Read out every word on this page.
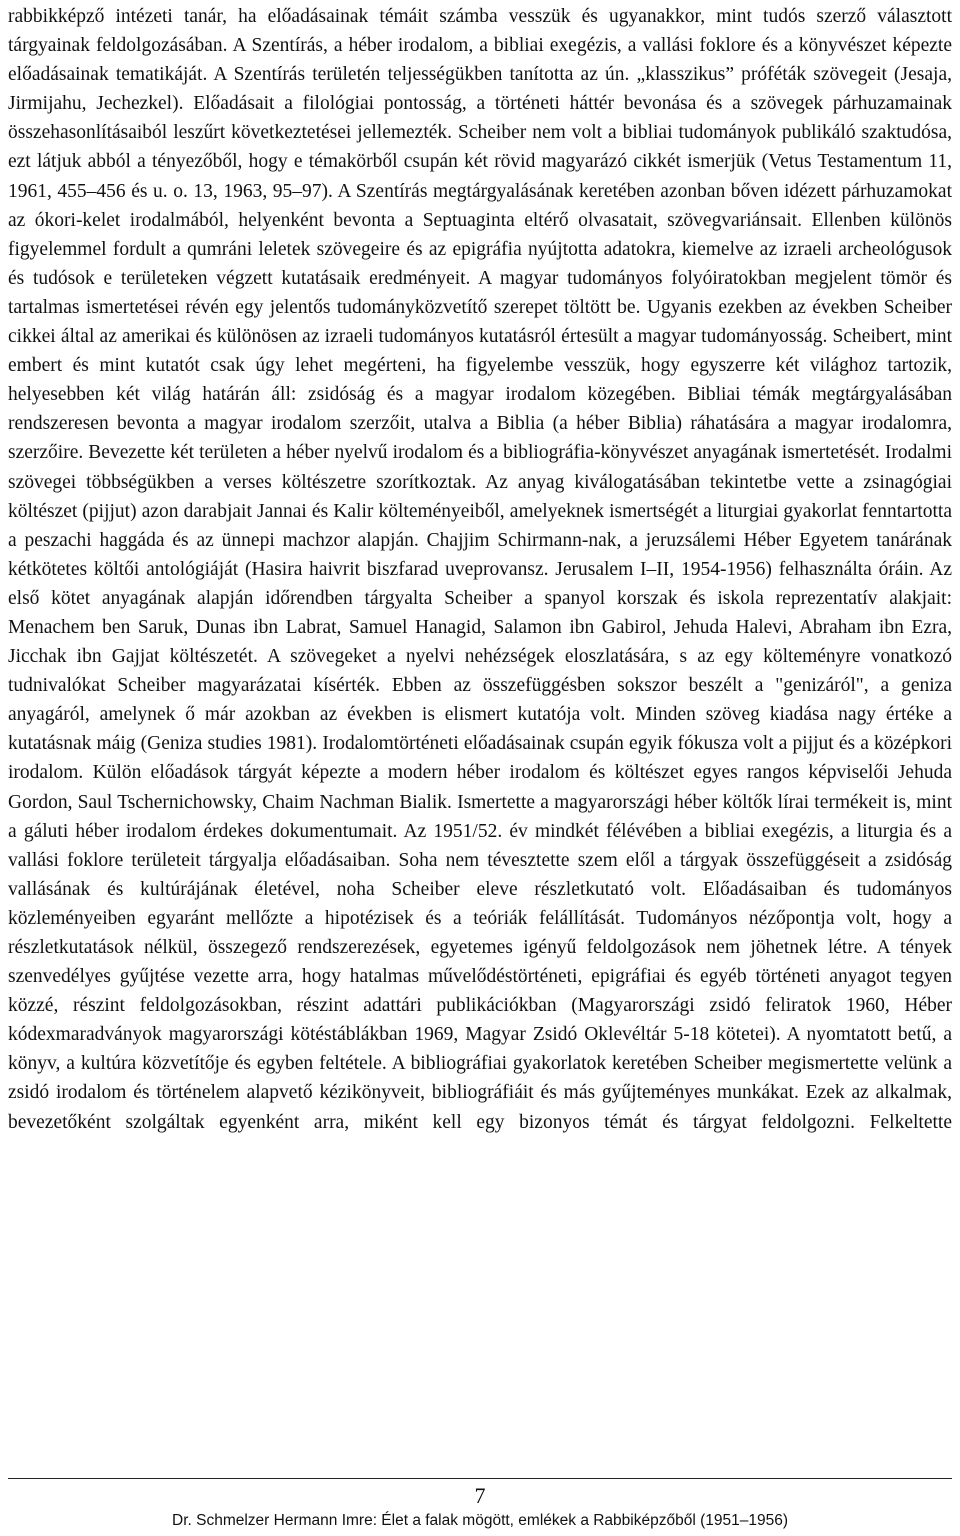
rabbikképző intézeti tanár, ha előadásainak témáit számba vesszük és ugyanakkor, mint tudós szerző választott tárgyainak feldolgozásában. A Szentírás, a héber irodalom, a bibliai exegézis, a vallási foklore és a könyvészet képezte előadásainak tematikáját. A Szentírás területén teljességükben tanította az ún. „klasszikus” próféták szövegeit (Jesaja, Jirmijahu, Jechezkel). Előadásait a filológiai pontosság, a történeti háttér bevonása és a szövegek párhuzamainak összehasonlításaiból leszűrt következtetései jellemezték. Scheiber nem volt a bibliai tudományok publikáló szaktudósa, ezt látjuk abból a tényezőből, hogy e témakörből csupán két rövid magyarázó cikkét ismerjük (Vetus Testamentum 11, 1961, 455–456 és u. o. 13, 1963, 95–97). A Szentírás megtárgyalásának keretében azonban bőven idézett párhuzamokat az ókori-kelet irodalmából, helyenként bevonta a Septuaginta eltérő olvasatait, szövegvariánsait. Ellenben különös figyelemmel fordult a qumráni leletek szövegeire és az epigráfia nyújtotta adatokra, kiemelve az izraeli archeológusok és tudósok e területeken végzett kutatásaik eredményeit. A magyar tudományos folyóiratokban megjelent tömör és tartalmas ismertetései révén egy jelentős tudományközvetítő szerepet töltött be. Ugyanis ezekben az években Scheiber cikkei által az amerikai és különösen az izraeli tudományos kutatásról értesült a magyar tudományosság. Scheibert, mint embert és mint kutatót csak úgy lehet megérteni, ha figyelembe vesszük, hogy egyszerre két világhoz tartozik, helyesebben két világ határán áll: zsidóság és a magyar irodalom közegében. Bibliai témák megtárgyalásában rendszeresen bevonta a magyar irodalom szerzőit, utalva a Biblia (a héber Biblia) ráhatására a magyar irodalomra, szerzőire. Bevezette két területen a héber nyelvű irodalom és a bibliográfia-könyvészet anyagának ismertetését. Irodalmi szövegei többségükben a verses költészetre szorítkoztak. Az anyag kiválogatásában tekintetbe vette a zsinagógiai költészet (pijjut) azon darabjait Jannai és Kalir költeményeiből, amelyeknek ismertségét a liturgiai gyakorlat fenntartotta a peszachi haggáda és az ünnepi machzor alapján. Chajjim Schirmann-nak, a jeruzsálemi Héber Egyetem tanárának kétkötetes költői antológiáját (Hasira haivrit biszfarad uveprovansz. Jerusalem I–II, 1954-1956) felhasználta óráin. Az első kötet anyagának alapján időrendben tárgyalta Scheiber a spanyol korszak és iskola reprezentatív alakjait: Menachem ben Saruk, Dunas ibn Labrat, Samuel Hanagid, Salamon ibn Gabirol, Jehuda Halevi, Abraham ibn Ezra, Jicchak ibn Gajjat költészetét. A szövegeket a nyelvi nehézségek eloszlatására, s az egy költeményre vonatkozó tudnivalókat Scheiber magyarázatai kísérték. Ebben az összefüggésben sokszor beszélt a "genizáról", a geniza anyagáról, amelynek ő már azokban az években is elismert kutatója volt. Minden szöveg kiadása nagy értéke a kutatásnak máig (Geniza studies 1981). Irodalomtörténeti előadásainak csupán egyik fókusza volt a pijjut és a középkori irodalom. Külön előadások tárgyát képezte a modern héber irodalom és költészet egyes rangos képviselői Jehuda Gordon, Saul Tschernichowsky, Chaim Nachman Bialik. Ismertette a magyarországi héber költők lírai termékeit is, mint a gáluti héber irodalom érdekes dokumentumait. Az 1951/52. év mindkét félévében a bibliai exegézis, a liturgia és a vallási foklore területeit tárgyalja előadásaiban. Soha nem tévesztette szem elől a tárgyak összefüggéseit a zsidóság vallásának és kultúrájának életével, noha Scheiber eleve részletkutató volt. Előadásaiban és tudományos közleményeiben egyaránt mellőzte a hipotézisek és a teóriák felállítását. Tudományos nézőpontja volt, hogy a részletkutatások nélkül, összegező rendszerezések, egyetemes igényű feldolgozások nem jöhetnek létre. A tények szenvedélyes gyűjtése vezette arra, hogy hatalmas művelődéstörténeti, epigráfiai és egyéb történeti anyagot tegyen közzé, részint feldolgozásokban, részint adattári publikációkban (Magyarországi zsidó feliratok 1960, Héber kódexmaradványok magyarországi kötéstáblákban 1969, Magyar Zsidó Oklevéltár 5-18 kötetei). A nyomtatott betű, a könyv, a kultúra közvetítője és egyben feltétele. A bibliográfiai gyakorlatok keretében Scheiber megismertette velünk a zsidó irodalom és történelem alapvető kézikönyveit, bibliográfiáit és más gyűjteményes munkákat. Ezek az alkalmak, bevezetőként szolgáltak egyenként arra, miként kell egy bizonyos témát és tárgyat feldolgozni. Felkeltette

7
Dr. Schmelzer Hermann Imre: Élet a falak mögött, emlékek a Rabbiképzőből (1951–1956)
